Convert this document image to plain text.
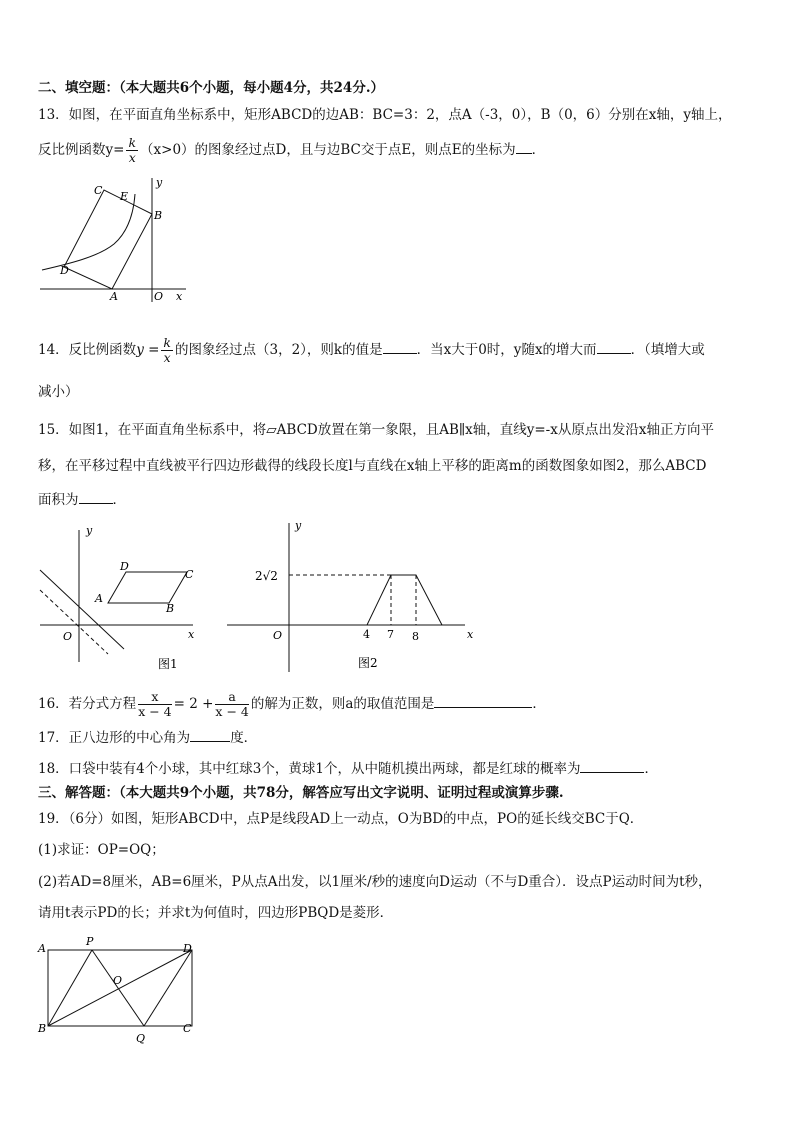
二、填空题：（本大题共6个小题，每小题4分，共24分.）
13．如图，在平面直角坐标系中，矩形ABCD的边AB：BC=3：2，点A（-3，0），B（0，6）分别在x轴，y轴上，
反比例函数$y= \frac{k}{x} (x>0)$的图象经过点D，且与边BC交于点E，则点E的坐标为 ．
C E
y
B
D
A	O x
14．反比例函数$y = \frac{k}{x}$ 的图象经过点（3，2），则k的值是	．当x大于0时，y随x的增大而	．（填增大或
减小）
15．如图1，在平面直角坐标系中，将▱ABCD放置在第一象限，且AB∥x轴，直线y=-x从原点出发沿x轴正方向平
移，在平移过程中直线被平行四边形截得的线段长度l与直线在x轴上平移的距离m的函数图象如图2，那么ABCD
面积为	．
y
D
C
A
B
O	x
图1
y
2√2
O	4 7 8	x
图2
16．若分式方程 $\frac{x}{x - 4} = 2 + \frac{a}{x - 4}$ 的解为正数，则a的取值范围是	．
17．正八边形的中心角为	度．
18．口袋中装有4个小球，其中红球3个，黄球1个，从中随机摸出两球，都是红球的概率为	．
三、解答题：（本大题共9个小题，共78分，解答应写出文字说明、证明过程或演算步骤.
19．（6分）如图，矩形ABCD中，点P是线段AD上一动点，O为BD的中点，PO的延长线交BC于Q．
(1)求证：OP=OQ；
(2)若AD=8厘米，AB=6厘米，P从点A出发，以1厘米/秒的速度向D运动（不与D重合）．设点P运动时间为t秒，
请用t表示PD的长；并求t为何值时，四边形PBQD是菱形．
A
P
D
O
B
Q
C
